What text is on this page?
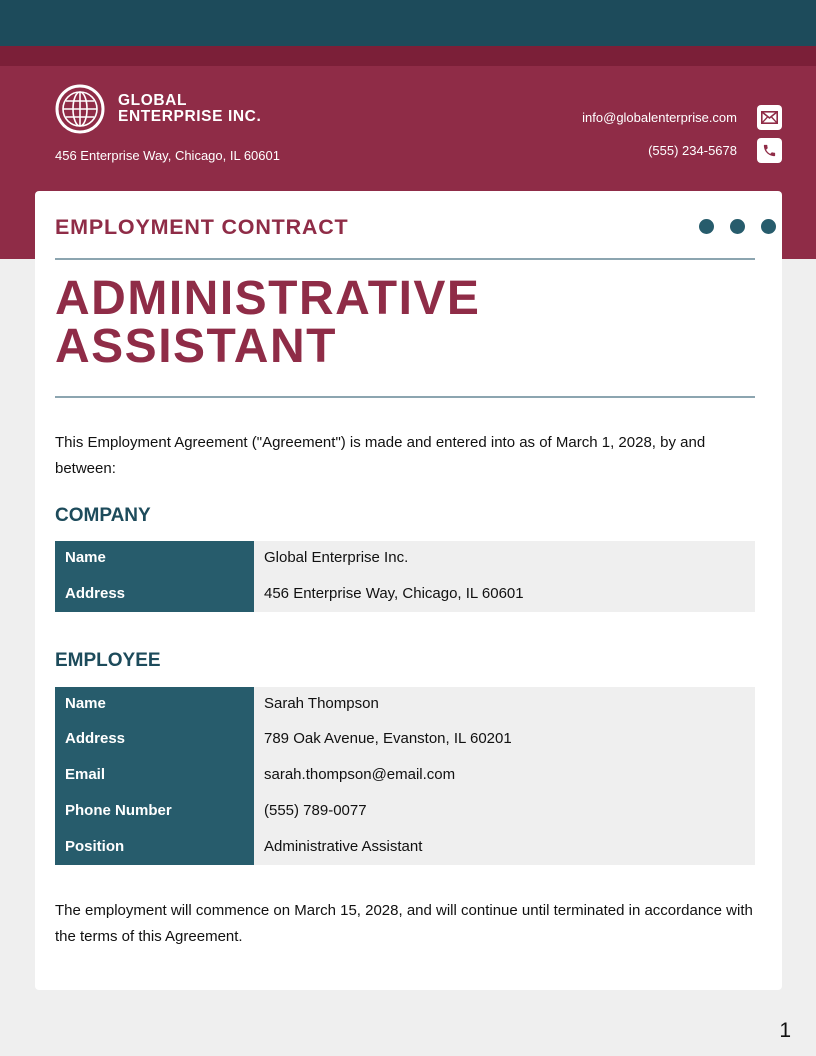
GLOBAL
ENTERPRISE INC.
456 Enterprise Way, Chicago, IL 60601
info@globalenterprise.com
(555) 234-5678
EMPLOYMENT CONTRACT
ADMINISTRATIVE
ASSISTANT

This Employment Agreement ("Agreement") is made and entered into as of March 1, 2028, by and between:

COMPANY
Name	Global Enterprise Inc.
Address	456 Enterprise Way, Chicago, IL 60601
EMPLOYEE
Name	Sarah Thompson
Address	789 Oak Avenue, Evanston, IL 60201
Email	sarah.thompson@email.com
Phone Number	(555) 789-0077
Position	Administrative Assistant

The employment will commence on March 15, 2028, and will continue until terminated in accordance with the terms of this Agreement.

1
